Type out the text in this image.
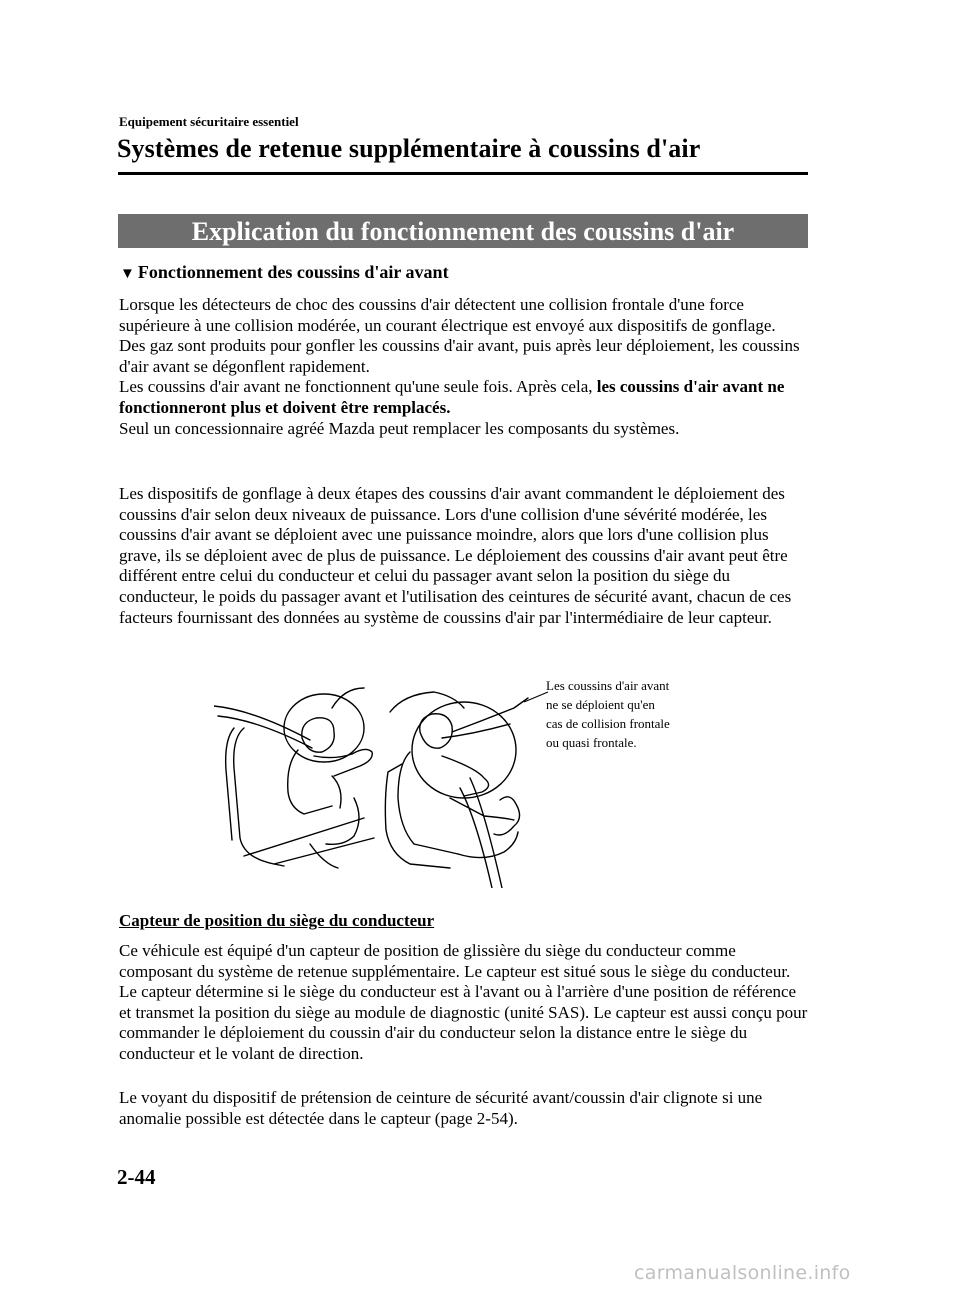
Equipement sécuritaire essentiel
Systèmes de retenue supplémentaire à coussins d'air
Explication du fonctionnement des coussins d'air
▼ Fonctionnement des coussins d'air avant

Lorsque les détecteurs de choc des coussins d'air détectent une collision frontale d'une force supérieure à une collision modérée, un courant électrique est envoyé aux dispositifs de gonflage.

Des gaz sont produits pour gonfler les coussins d'air avant, puis après leur déploiement, les coussins d'air avant se dégonflent rapidement.

Les coussins d'air avant ne fonctionnent qu'une seule fois. Après cela, les coussins d'air avant ne fonctionneront plus et doivent être remplacés.

Seul un concessionnaire agréé Mazda peut remplacer les composants du systèmes.

Les dispositifs de gonflage à deux étapes des coussins d'air avant commandent le déploiement des coussins d'air selon deux niveaux de puissance. Lors d'une collision d'une sévérité modérée, les coussins d'air avant se déploient avec une puissance moindre, alors que lors d'une collision plus grave, ils se déploient avec de plus de puissance. Le déploiement des coussins d'air avant peut être différent entre celui du conducteur et celui du passager avant selon la position du siège du conducteur, le poids du passager avant et l'utilisation des ceintures de sécurité avant, chacun de ces facteurs fournissant des données au système de coussins d'air par l'intermédiaire de leur capteur.

Les coussins d'air avant
ne se déploient qu'en
cas de collision frontale
ou quasi frontale.
Capteur de position du siège du conducteur

Ce véhicule est équipé d'un capteur de position de glissière du siège du conducteur comme composant du système de retenue supplémentaire. Le capteur est situé sous le siège du conducteur. Le capteur détermine si le siège du conducteur est à l'avant ou à l'arrière d'une position de référence et transmet la position du siège au module de diagnostic (unité SAS). Le capteur est aussi conçu pour commander le déploiement du coussin d'air du conducteur selon la distance entre le siège du conducteur et le volant de direction.

Le voyant du dispositif de prétension de ceinture de sécurité avant/coussin d'air clignote si une anomalie possible est détectée dans le capteur (page 2-54).

2-44
carmanualsonline.info
